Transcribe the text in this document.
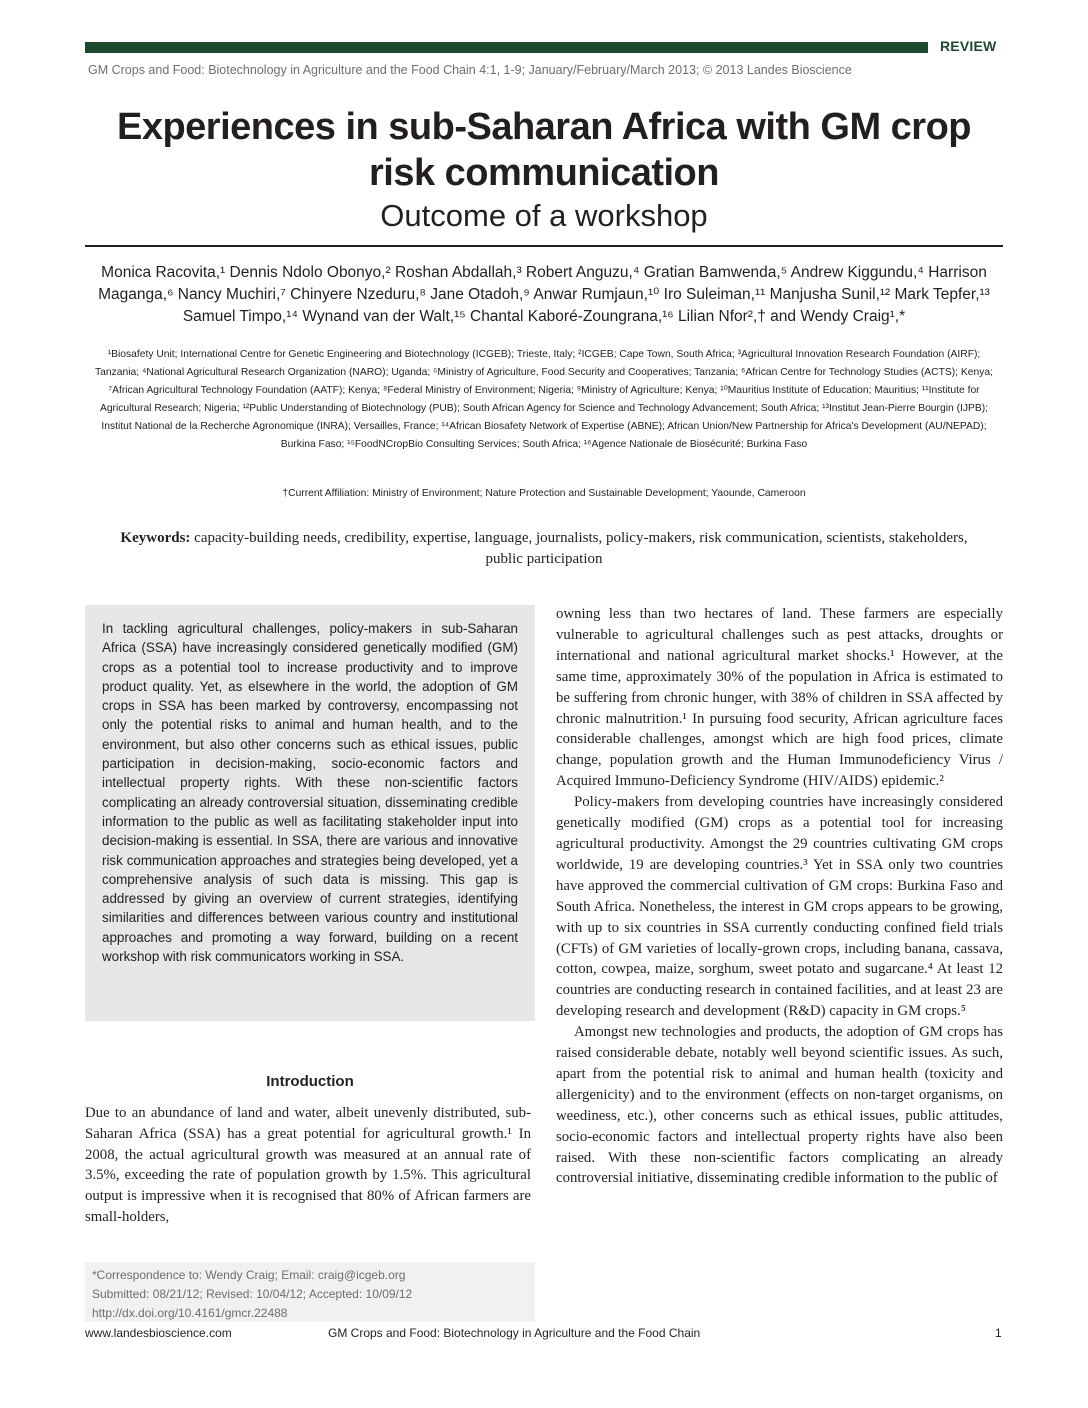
REVIEW
GM Crops and Food: Biotechnology in Agriculture and the Food Chain 4:1, 1-9; January/February/March 2013; © 2013 Landes Bioscience
Experiences in sub-Saharan Africa with GM crop risk communication
Outcome of a workshop
Monica Racovita,¹ Dennis Ndolo Obonyo,² Roshan Abdallah,³ Robert Anguzu,⁴ Gratian Bamwenda,⁵ Andrew Kiggundu,⁴ Harrison Maganga,⁶ Nancy Muchiri,⁷ Chinyere Nzeduru,⁸ Jane Otadoh,⁹ Anwar Rumjaun,¹⁰ Iro Suleiman,¹¹ Manjusha Sunil,¹² Mark Tepfer,¹³ Samuel Timpo,¹⁴ Wynand van der Walt,¹⁵ Chantal Kaboré-Zoungrana,¹⁶ Lilian Nfor²,† and Wendy Craig¹,*
¹Biosafety Unit; International Centre for Genetic Engineering and Biotechnology (ICGEB); Trieste, Italy; ²ICGEB; Cape Town, South Africa; ³Agricultural Innovation Research Foundation (AIRF); Tanzania; ⁴National Agricultural Research Organization (NARO); Uganda; ⁵Ministry of Agriculture, Food Security and Cooperatives; Tanzania; ⁶African Centre for Technology Studies (ACTS); Kenya; ⁷African Agricultural Technology Foundation (AATF); Kenya; ⁸Federal Ministry of Environment; Nigeria; ⁹Ministry of Agriculture; Kenya; ¹⁰Mauritius Institute of Education; Mauritius; ¹¹Institute for Agricultural Research; Nigeria; ¹²Public Understanding of Biotechnology (PUB); South African Agency for Science and Technology Advancement; South Africa; ¹³Institut Jean-Pierre Bourgin (IJPB); Institut National de la Recherche Agronomique (INRA); Versailles, France; ¹⁴African Biosafety Network of Expertise (ABNE); African Union/New Partnership for Africa's Development (AU/NEPAD); Burkina Faso; ¹⁵FoodNCropBio Consulting Services; South Africa; ¹⁶Agence Nationale de Biosécurité; Burkina Faso
†Current Affiliation: Ministry of Environment; Nature Protection and Sustainable Development; Yaounde, Cameroon
Keywords: capacity-building needs, credibility, expertise, language, journalists, policy-makers, risk communication, scientists, stakeholders, public participation
In tackling agricultural challenges, policy-makers in sub-Saharan Africa (SSA) have increasingly considered genetically modified (GM) crops as a potential tool to increase productivity and to improve product quality. Yet, as elsewhere in the world, the adoption of GM crops in SSA has been marked by controversy, encompassing not only the potential risks to animal and human health, and to the environment, but also other concerns such as ethical issues, public participation in decision-making, socio-economic factors and intellectual property rights. With these non-scientific factors complicating an already controversial situation, disseminating credible information to the public as well as facilitating stakeholder input into decision-making is essential. In SSA, there are various and innovative risk communication approaches and strategies being developed, yet a comprehensive analysis of such data is missing. This gap is addressed by giving an overview of current strategies, identifying similarities and differences between various country and institutional approaches and promoting a way forward, building on a recent workshop with risk communicators working in SSA.
Introduction
Due to an abundance of land and water, albeit unevenly distributed, sub-Saharan Africa (SSA) has a great potential for agricultural growth.¹ In 2008, the actual agricultural growth was measured at an annual rate of 3.5%, exceeding the rate of population growth by 1.5%. This agricultural output is impressive when it is recognised that 80% of African farmers are small-holders,
*Correspondence to: Wendy Craig; Email: craig@icgeb.org
Submitted: 08/21/12; Revised: 10/04/12; Accepted: 10/09/12
http://dx.doi.org/10.4161/gmcr.22488

owning less than two hectares of land. These farmers are especially vulnerable to agricultural challenges such as pest attacks, droughts or international and national agricultural market shocks.¹ However, at the same time, approximately 30% of the population in Africa is estimated to be suffering from chronic hunger, with 38% of children in SSA affected by chronic malnutrition.¹ In pursuing food security, African agriculture faces considerable challenges, amongst which are high food prices, climate change, population growth and the Human Immunodeficiency Virus / Acquired Immuno-Deficiency Syndrome (HIV/AIDS) epidemic.²

Policy-makers from developing countries have increasingly considered genetically modified (GM) crops as a potential tool for increasing agricultural productivity. Amongst the 29 countries cultivating GM crops worldwide, 19 are developing countries.³ Yet in SSA only two countries have approved the commercial cultivation of GM crops: Burkina Faso and South Africa. Nonetheless, the interest in GM crops appears to be growing, with up to six countries in SSA currently conducting confined field trials (CFTs) of GM varieties of locally-grown crops, including banana, cassava, cotton, cowpea, maize, sorghum, sweet potato and sugarcane.⁴ At least 12 countries are conducting research in contained facilities, and at least 23 are developing research and development (R&D) capacity in GM crops.⁵

Amongst new technologies and products, the adoption of GM crops has raised considerable debate, notably well beyond scientific issues. As such, apart from the potential risk to animal and human health (toxicity and allergenicity) and to the environment (effects on non-target organisms, on weediness, etc.), other concerns such as ethical issues, public attitudes, socio-economic factors and intellectual property rights have also been raised. With these non-scientific factors complicating an already controversial initiative, disseminating credible information to the public of

www.landesbioscience.com	GM Crops and Food: Biotechnology in Agriculture and the Food Chain	1
